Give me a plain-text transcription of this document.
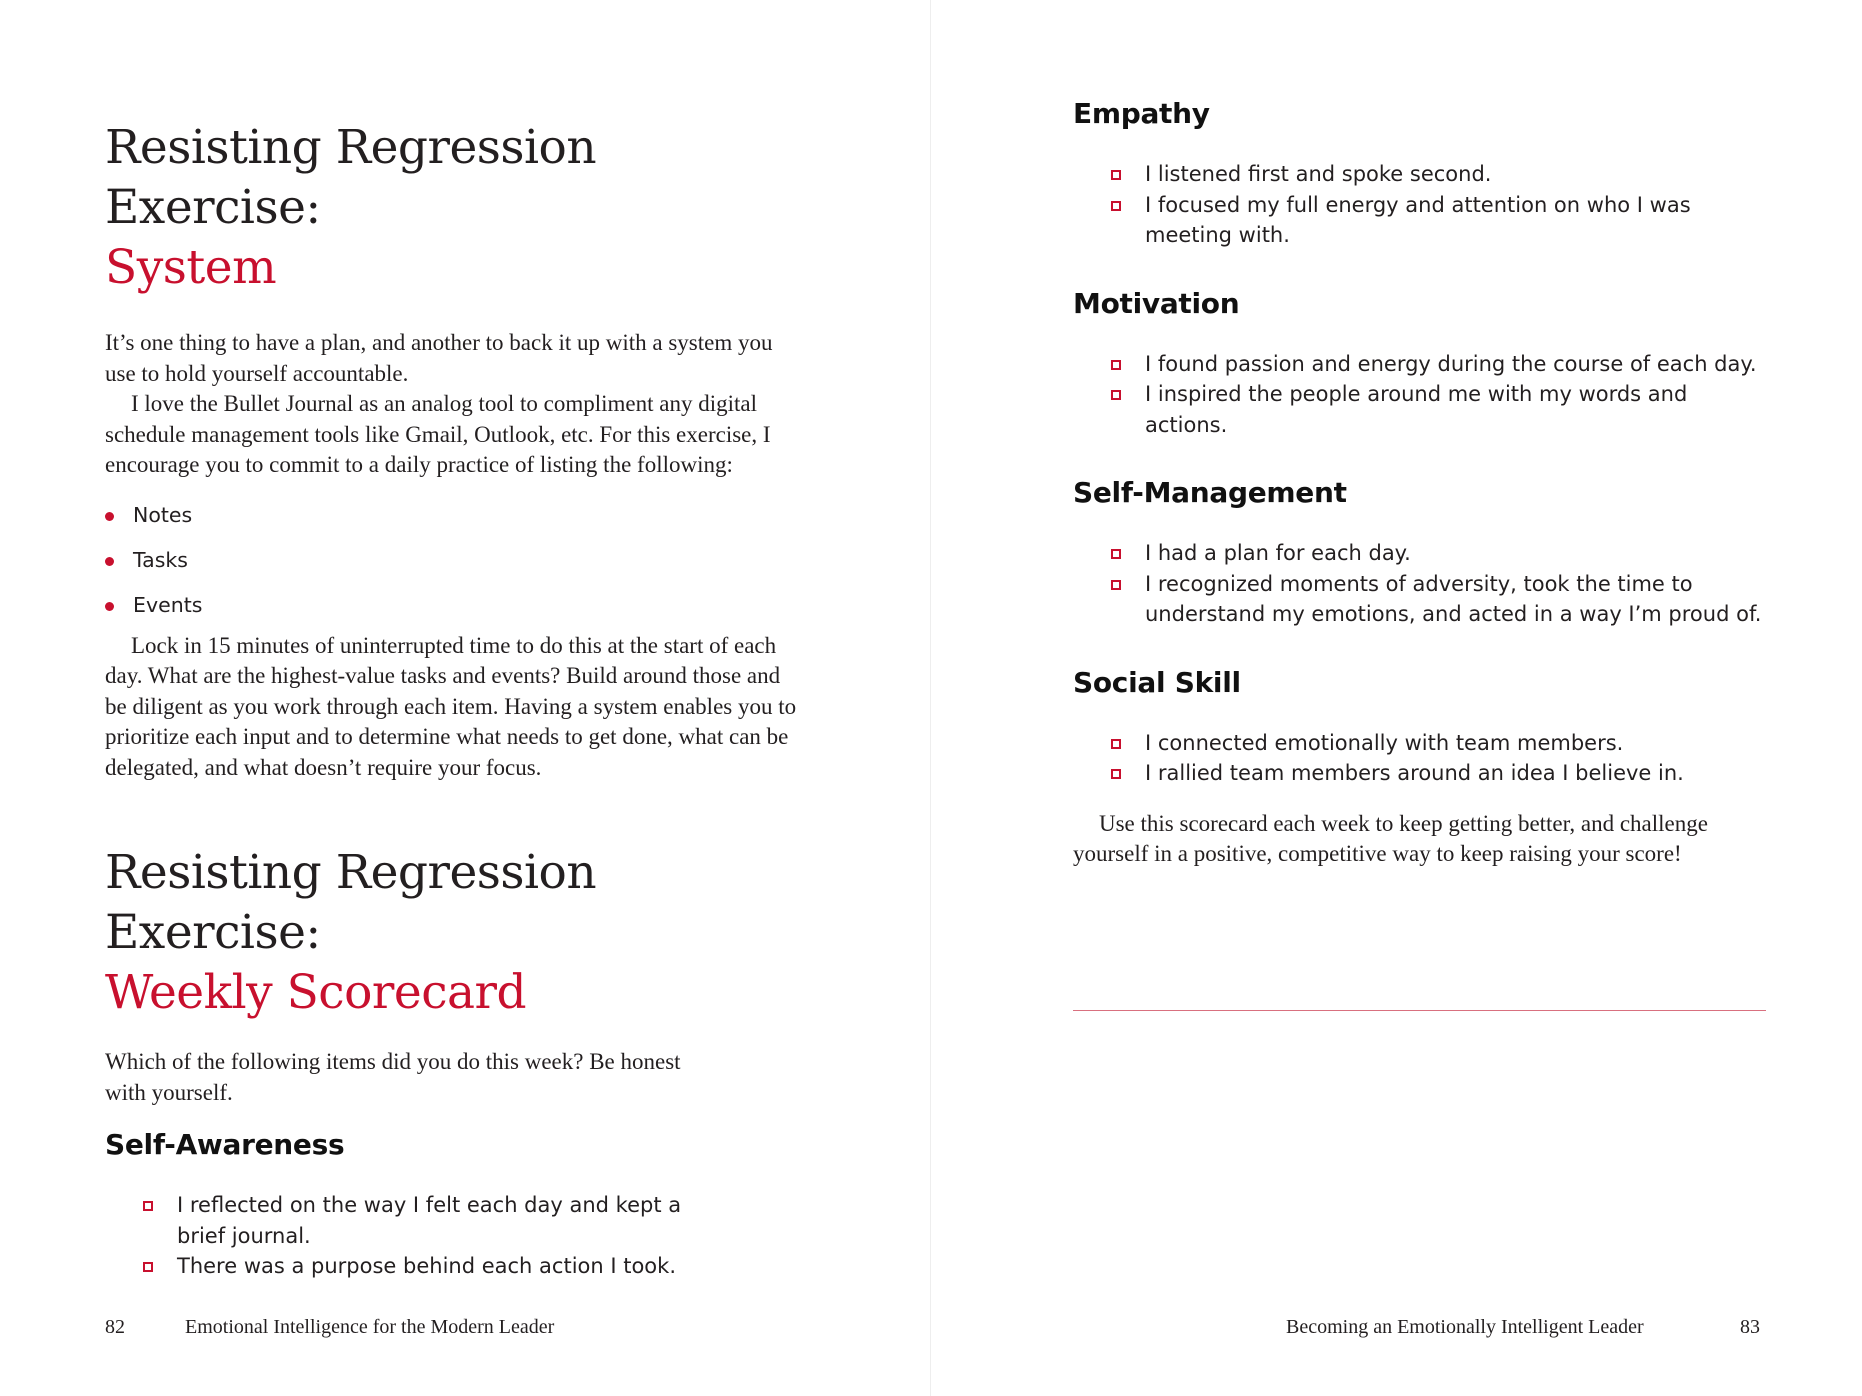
Resisting Regression Exercise:
System

It’s one thing to have a plan, and another to back it up with a system you use to hold yourself accountable.

I love the Bullet Journal as an analog tool to compliment any digital schedule management tools like Gmail, Outlook, etc. For this exercise, I encourage you to commit to a daily practice of listing the following:

Notes
Tasks
Events

Lock in 15 minutes of uninterrupted time to do this at the start of each day. What are the highest-value tasks and events? Build around those and be diligent as you work through each item. Having a system enables you to prioritize each input and to determine what needs to get done, what can be delegated, and what doesn’t require your focus.

Resisting Regression Exercise:
Weekly Scorecard

Which of the following items did you do this week? Be honest with yourself.

Self-Awareness
I reflected on the way I felt each day and kept a brief journal.
There was a purpose behind each action I took.
82	Emotional Intelligence for the Modern Leader
Empathy
I listened first and spoke second.
I focused my full energy and attention on who I was meeting with.
Motivation
I found passion and energy during the course of each day.
I inspired the people around me with my words and actions.
Self-Management
I had a plan for each day.
I recognized moments of adversity, took the time to understand my emotions, and acted in a way I’m proud of.
Social Skill
I connected emotionally with team members.
I rallied team members around an idea I believe in.

Use this scorecard each week to keep getting better, and challenge yourself in a positive, competitive way to keep raising your score!

Becoming an Emotionally Intelligent Leader	83
